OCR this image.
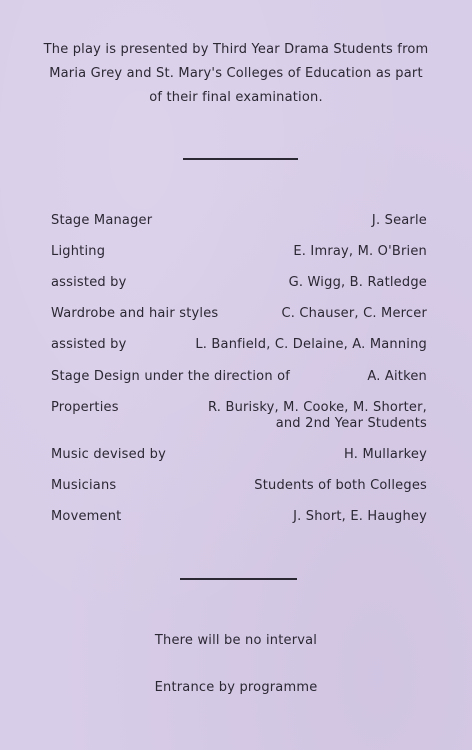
The play is presented by Third Year Drama Students from
Maria Grey and St. Mary's Colleges of Education as part
of their final examination.
Stage Manager	J. Searle
Lighting	E. Imray, M. O'Brien
assisted by	G. Wigg, B. Ratledge
Wardrobe and hair styles	C. Chauser, C. Mercer
assisted by	L. Banfield, C. Delaine, A. Manning
Stage Design under the direction of	A. Aitken
Properties	R. Burisky, M. Cooke, M. Shorter,
and 2nd Year Students
Music devised by	H. Mullarkey
Musicians	Students of both Colleges
Movement	J. Short, E. Haughey
There will be no interval
Entrance by programme
